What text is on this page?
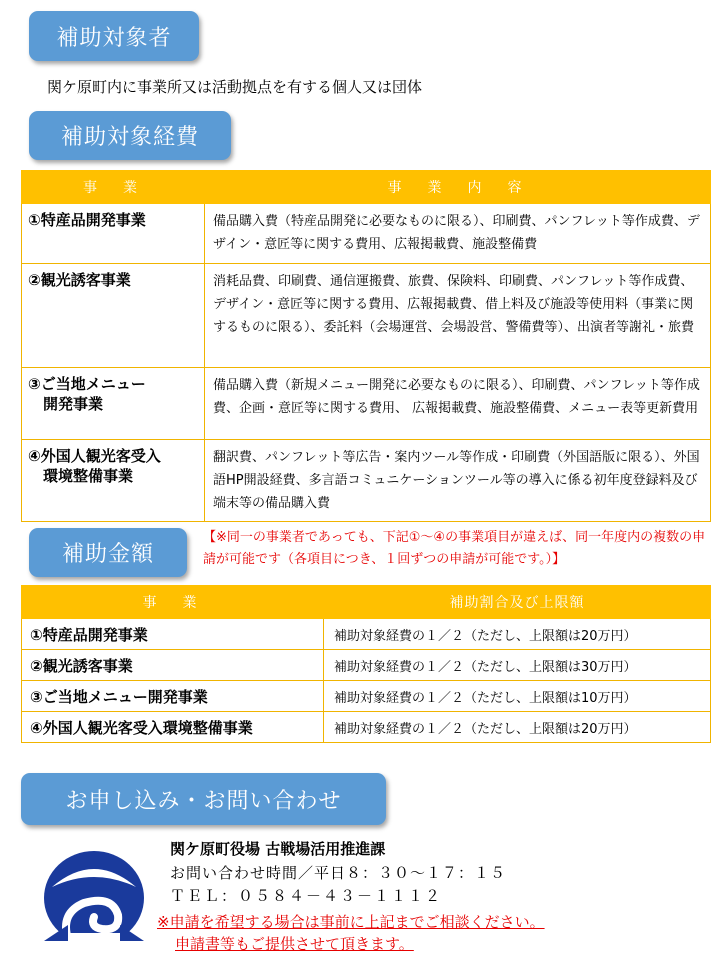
補助対象者
関ケ原町内に事業所又は活動拠点を有する個人又は団体
補助対象経費
事　業	事　業　内　容
①特産品開発事業	備品購入費（特産品開発に必要なものに限る）、印刷費、パンフレット等作成費、デザイン・意匠等に関する費用、広報掲載費、施設整備費
②観光誘客事業	消耗品費、印刷費、通信運搬費、旅費、保険料、印刷費、パンフレット等作成費、デザイン・意匠等に関する費用、広報掲載費、借上料及び施設等使用料（事業に関するものに限る）、委託料（会場運営、会場設営、警備費等）、出演者等謝礼・旅費
③ご当地メニュー
　開発事業	備品購入費（新規メニュー開発に必要なものに限る）、印刷費、パンフレット等作成費、企画・意匠等に関する費用、 広報掲載費、施設整備費、メニュー表等更新費用
④外国人観光客受入
　環境整備事業	翻訳費、パンフレット等広告・案内ツール等作成・印刷費（外国語版に限る）、外国語HP開設経費、多言語コミュニケーションツール等の導入に係る初年度登録料及び端末等の備品購入費
補助金額
【※同一の事業者であっても、下記①～④の事業項目が違えば、同一年度内の複数の申請が可能です（各項目につき、１回ずつの申請が可能です。）】
事　業	補助割合及び上限額
①特産品開発事業	補助対象経費の１／２（ただし、上限額は20万円）
②観光誘客事業	補助対象経費の１／２（ただし、上限額は30万円）
③ご当地メニュー開発事業	補助対象経費の１／２（ただし、上限額は10万円）
④外国人観光客受入環境整備事業	補助対象経費の１／２（ただし、上限額は20万円）
お申し込み・お問い合わせ
関ケ原町役場 古戦場活用推進課
お問い合わせ時間／平日８：３０～１７：１５
ＴＥＬ：０５８４－４３－１１１２
※申請を希望する場合は事前に上記までご相談ください。
申請書等もご提供させて頂きます。
